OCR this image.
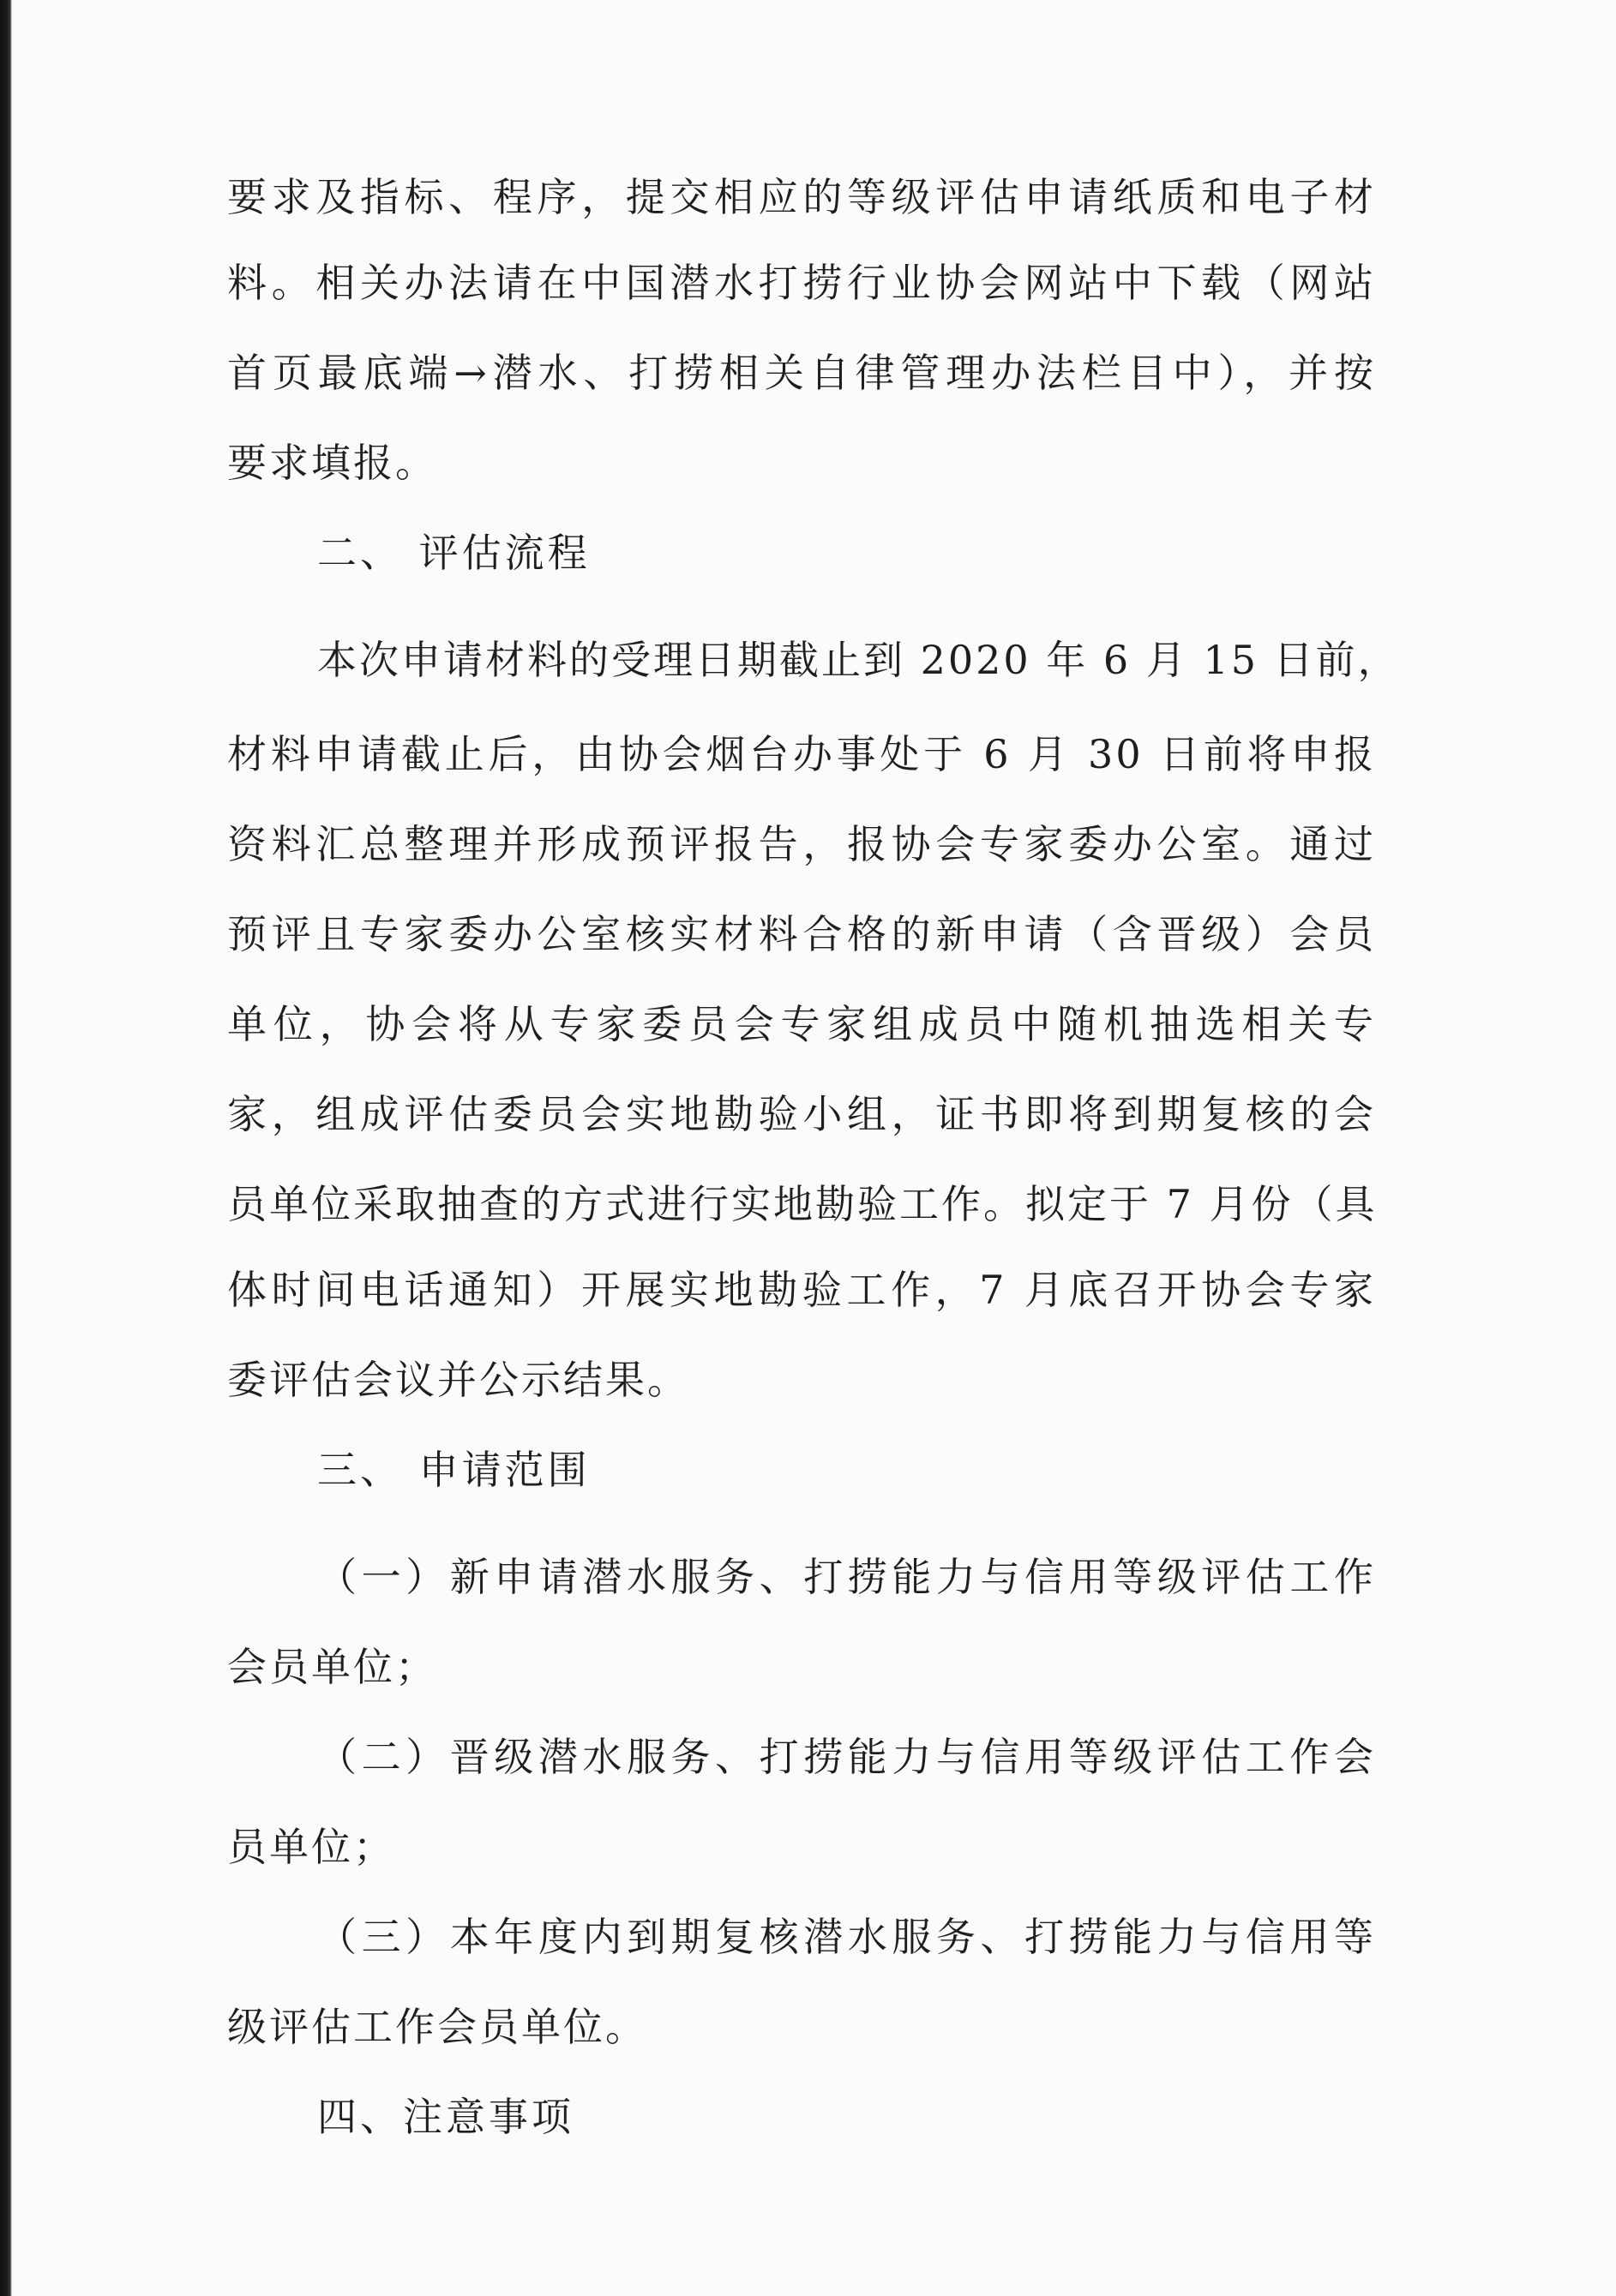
要求及指标、程序，提交相应的等级评估申请纸质和电子材

料。相关办法请在中国潜水打捞行业协会网站中下载（网站

首页最底端→潜水、打捞相关自律管理办法栏目中），并按

要求填报。

二、 评估流程

本次申请材料的受理日期截止到 2020 年 6 月 15 日前，

材料申请截止后，由协会烟台办事处于 6 月 30 日前将申报

资料汇总整理并形成预评报告，报协会专家委办公室。通过

预评且专家委办公室核实材料合格的新申请（含晋级）会员

单位，协会将从专家委员会专家组成员中随机抽选相关专

家，组成评估委员会实地勘验小组，证书即将到期复核的会

员单位采取抽查的方式进行实地勘验工作。拟定于 7 月份（具

体时间电话通知）开展实地勘验工作，7 月底召开协会专家

委评估会议并公示结果。

三、 申请范围

（一）新申请潜水服务、打捞能力与信用等级评估工作

会员单位；

（二）晋级潜水服务、打捞能力与信用等级评估工作会

员单位；

（三）本年度内到期复核潜水服务、打捞能力与信用等

级评估工作会员单位。

四、注意事项
